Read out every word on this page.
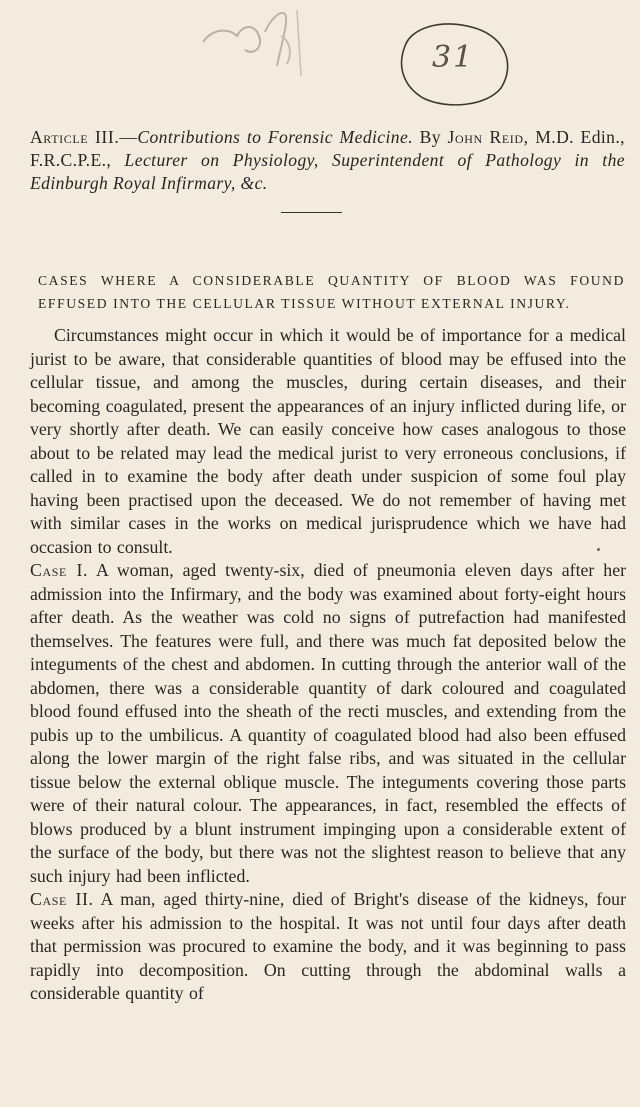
31
Article III.—Contributions to Forensic Medicine. By John Reid, M.D. Edin., F.R.C.P.E., Lecturer on Physiology, Superintendent of Pathology in the Edinburgh Royal Infirmary, &c.
CASES WHERE A CONSIDERABLE QUANTITY OF BLOOD WAS FOUND EFFUSED INTO THE CELLULAR TISSUE WITHOUT EXTERNAL INJURY.

Circumstances might occur in which it would be of importance for a medical jurist to be aware, that considerable quantities of blood may be effused into the cellular tissue, and among the muscles, during certain diseases, and their becoming coagulated, present the appearances of an injury inflicted during life, or very shortly after death. We can easily conceive how cases analogous to those about to be related may lead the medical jurist to very erroneous conclusions, if called in to examine the body after death under suspicion of some foul play having been practised upon the deceased. We do not remember of having met with similar cases in the works on medical jurisprudence which we have had occasion to consult.

Case I. A woman, aged twenty-six, died of pneumonia eleven days after her admission into the Infirmary, and the body was examined about forty-eight hours after death. As the weather was cold no signs of putrefaction had manifested themselves. The features were full, and there was much fat deposited below the integuments of the chest and abdomen. In cutting through the anterior wall of the abdomen, there was a considerable quantity of dark coloured and coagulated blood found effused into the sheath of the recti muscles, and extending from the pubis up to the umbilicus. A quantity of coagulated blood had also been effused along the lower margin of the right false ribs, and was situated in the cellular tissue below the external oblique muscle. The integuments covering those parts were of their natural colour. The appearances, in fact, resembled the effects of blows produced by a blunt instrument impinging upon a considerable extent of the surface of the body, but there was not the slightest reason to believe that any such injury had been inflicted.

Case II. A man, aged thirty-nine, died of Bright's disease of the kidneys, four weeks after his admission to the hospital. It was not until four days after death that permission was procured to examine the body, and it was beginning to pass rapidly into decomposition. On cutting through the abdominal walls a considerable quantity of
